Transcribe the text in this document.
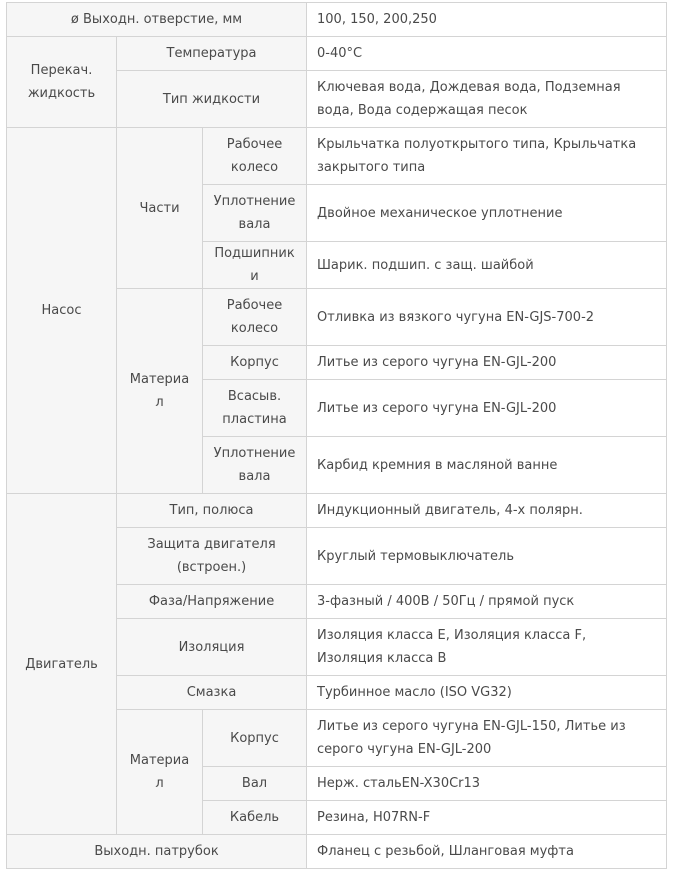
ø Выходн. отверстие, мм			100, 150, 200,250
Перекач. жидкость	Температура		0-40°C
	Тип жидкости		Ключевая вода, Дождевая вода, Подземная вода, Вода содержащая песок
Насос	Части	Рабочее колесо	Крыльчатка полуоткрытого типа, Крыльчатка закрытого типа
		Уплотнение вала	Двойное механическое уплотнение
		Подшипники	Шарик. подшип. с защ. шайбой
	Материал	Рабочее колесо	Отливка из вязкого чугуна EN-GJS-700-2
		Корпус	Литье из серого чугуна EN-GJL-200
		Всасыв. пластина	Литье из серого чугуна EN-GJL-200
		Уплотнение вала	Карбид кремния в масляной ванне
Двигатель	Тип, полюса		Индукционный двигатель, 4-х полярн.
	Защита двигателя (встроен.)		Круглый термовыключатель
	Фаза/Напряжение		3-фазный / 400В / 50Гц / прямой пуск
	Изоляция		Изоляция класса E, Изоляция класса F, Изоляция класса B
	Смазка		Турбинное масло (ISO VG32)
	Материал	Корпус	Литье из серого чугуна EN-GJL-150, Литье из серого чугуна EN-GJL-200
		Вал	Нерж. стальEN-X30Cr13
		Кабель	Резина, H07RN-F
Выходн. патрубок			Фланец с резьбой, Шланговая муфта
